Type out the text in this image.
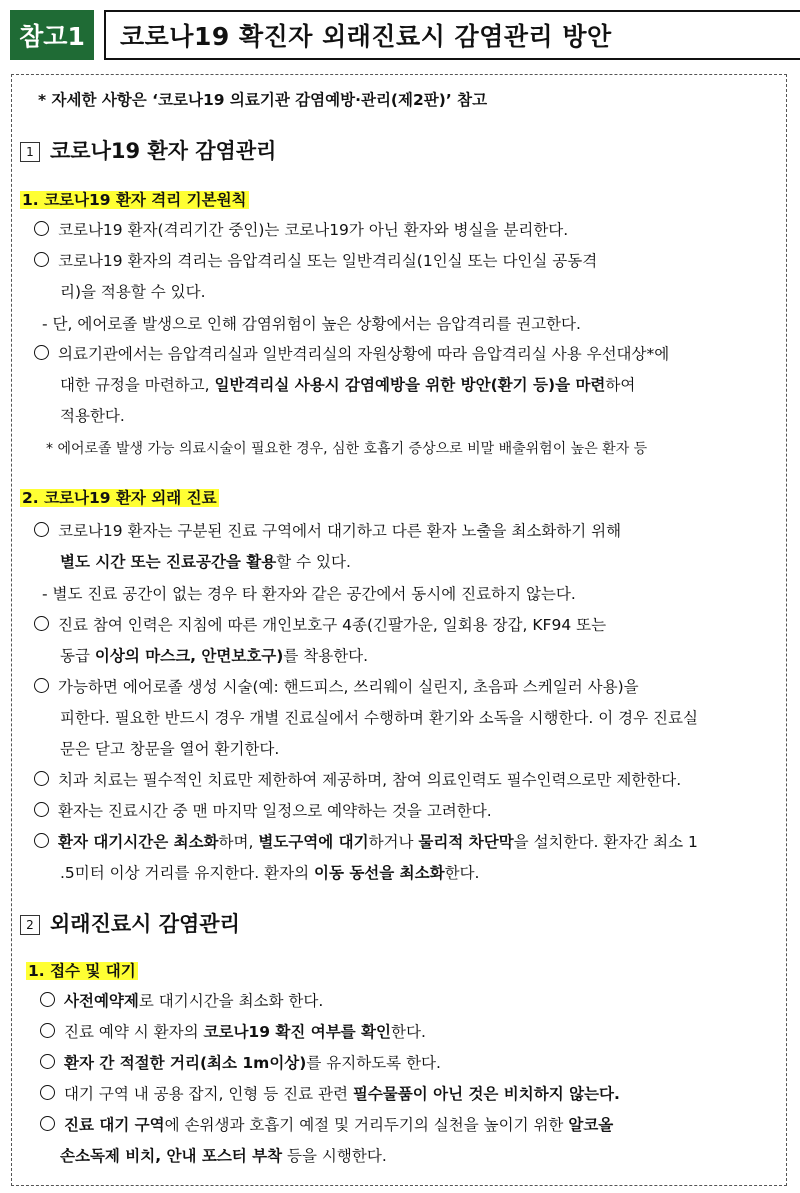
참고1	코로나19 확진자 외래진료시 감염관리 방안
* 자세한 사항은 ‘코로나19 의료기관 감염예방·관리(제2판)’ 참고
1 코로나19 환자 감염관리
1. 코로나19 환자 격리 기본원칙
코로나19 환자(격리기간 중인)는 코로나19가 아닌 환자와 병실을 분리한다.
코로나19 환자의 격리는 음압격리실 또는 일반격리실(1인실 또는 다인실 공동격
리)을 적용할 수 있다.
- 단, 에어로졸 발생으로 인해 감염위험이 높은 상황에서는 음압격리를 권고한다.
의료기관에서는 음압격리실과 일반격리실의 자원상황에 따라 음압격리실 사용 우선대상*에
대한 규정을 마련하고, 일반격리실 사용시 감염예방을 위한 방안(환기 등)을 마련하여
적용한다.
* 에어로졸 발생 가능 의료시술이 필요한 경우, 심한 호흡기 증상으로 비말 배출위험이 높은 환자 등
2. 코로나19 환자 외래 진료
코로나19 환자는 구분된 진료 구역에서 대기하고 다른 환자 노출을 최소화하기 위해
별도 시간 또는 진료공간을 활용할 수 있다.
- 별도 진료 공간이 없는 경우 타 환자와 같은 공간에서 동시에 진료하지 않는다.
진료 참여 인력은 지침에 따른 개인보호구 4종(긴팔가운, 일회용 장갑, KF94 또는
동급 이상의 마스크, 안면보호구)를 착용한다.
가능하면 에어로졸 생성 시술(예: 핸드피스, 쓰리웨이 실린지, 초음파 스케일러 사용)을
피한다. 필요한 반드시 경우 개별 진료실에서 수행하며 환기와 소독을 시행한다. 이 경우 진료실
문은 닫고 창문을 열어 환기한다.
치과 치료는 필수적인 치료만 제한하여 제공하며, 참여 의료인력도 필수인력으로만 제한한다.
환자는 진료시간 중 맨 마지막 일정으로 예약하는 것을 고려한다.
환자 대기시간은 최소화하며, 별도구역에 대기하거나 물리적 차단막을 설치한다. 환자간 최소 1
.5미터 이상 거리를 유지한다. 환자의 이동 동선을 최소화한다.
2 외래진료시 감염관리
1. 접수 및 대기
사전예약제로 대기시간을 최소화 한다.
진료 예약 시 환자의 코로나19 확진 여부를 확인한다.
환자 간 적절한 거리(최소 1m이상)를 유지하도록 한다.
대기 구역 내 공용 잡지, 인형 등 진료 관련 필수물품이 아닌 것은 비치하지 않는다.
진료 대기 구역에 손위생과 호흡기 예절 및 거리두기의 실천을 높이기 위한 알코올
손소독제 비치, 안내 포스터 부착 등을 시행한다.
